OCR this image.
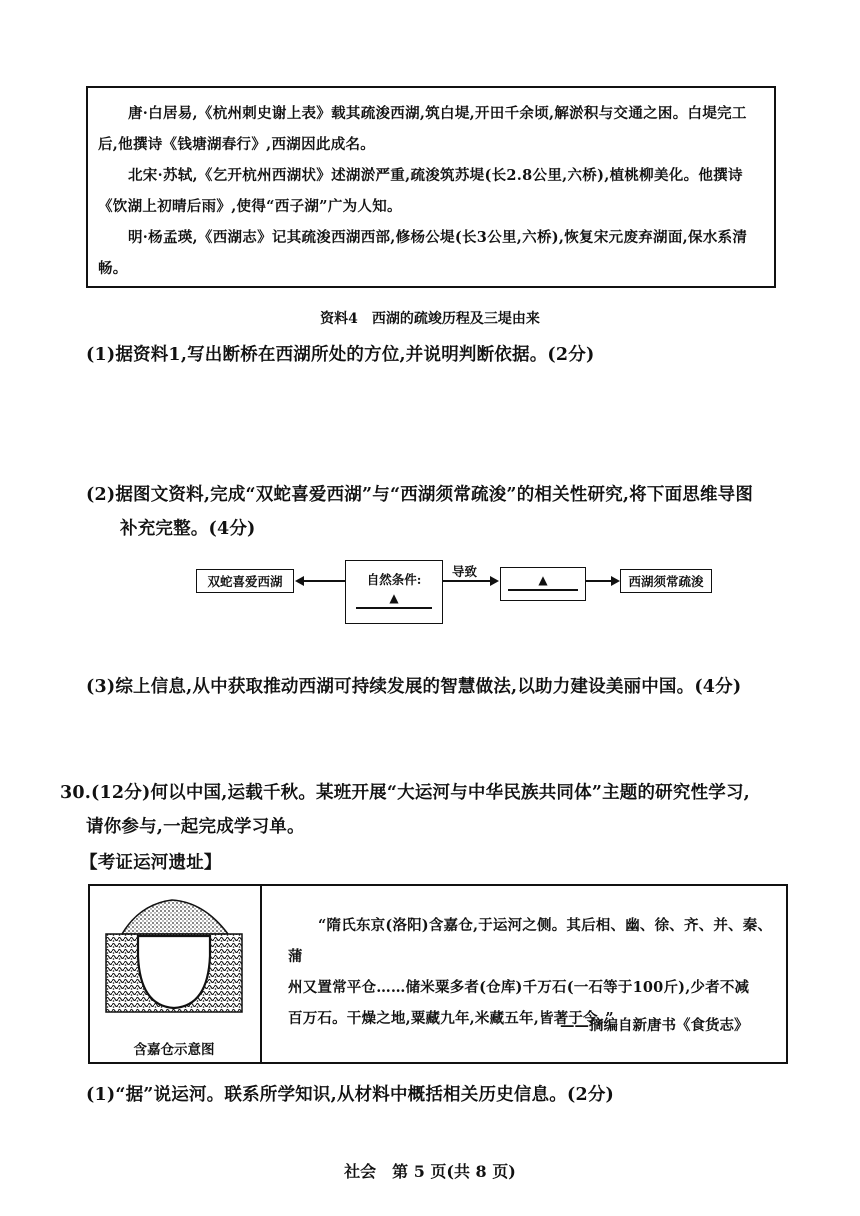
唐·白居易,《杭州刺史谢上表》载其疏浚西湖,筑白堤,开田千余顷,解淤积与交通之困。白堤完工后,他撰诗《钱塘湖春行》,西湖因此成名。

北宋·苏轼,《乞开杭州西湖状》述湖淤严重,疏浚筑苏堤(长2.8公里,六桥),植桃柳美化。他撰诗《饮湖上初晴后雨》,使得“西子湖”广为人知。

明·杨孟瑛,《西湖志》记其疏浚西湖西部,修杨公堤(长3公里,六桥),恢复宋元废弃湖面,保水系清畅。

资料4　西湖的疏竣历程及三堤由来
(1)据资料1,写出断桥在西湖所处的方位,并说明判断依据。(2分)
(2)据图文资料,完成“双蛇喜爱西湖”与“西湖须常疏浚”的相关性研究,将下面思维导图
补充完整。(4分)
双蛇喜爱西湖	自然条件:
▲
导致
▲	西湖须常疏浚
(3)综上信息,从中获取推动西湖可持续发展的智慧做法,以助力建设美丽中国。(4分)
30.(12分)何以中国,运载千秋。某班开展“大运河与中华民族共同体”主题的研究性学习,
请你参与,一起完成学习单。
【考证运河遗址】
含嘉仓示意图

“隋氏东京(洛阳)含嘉仓,于运河之侧。其后相、幽、徐、齐、并、秦、蒲

州又置常平仓……储米粟多者(仓库)千万石(一石等于100斤),少者不减

百万石。干燥之地,粟藏九年,米藏五年,皆著于令。”

——摘编自新唐书《食货志》
(1)“据”说运河。联系所学知识,从材料中概括相关历史信息。(2分)
社会　第 5 页(共 8 页)
